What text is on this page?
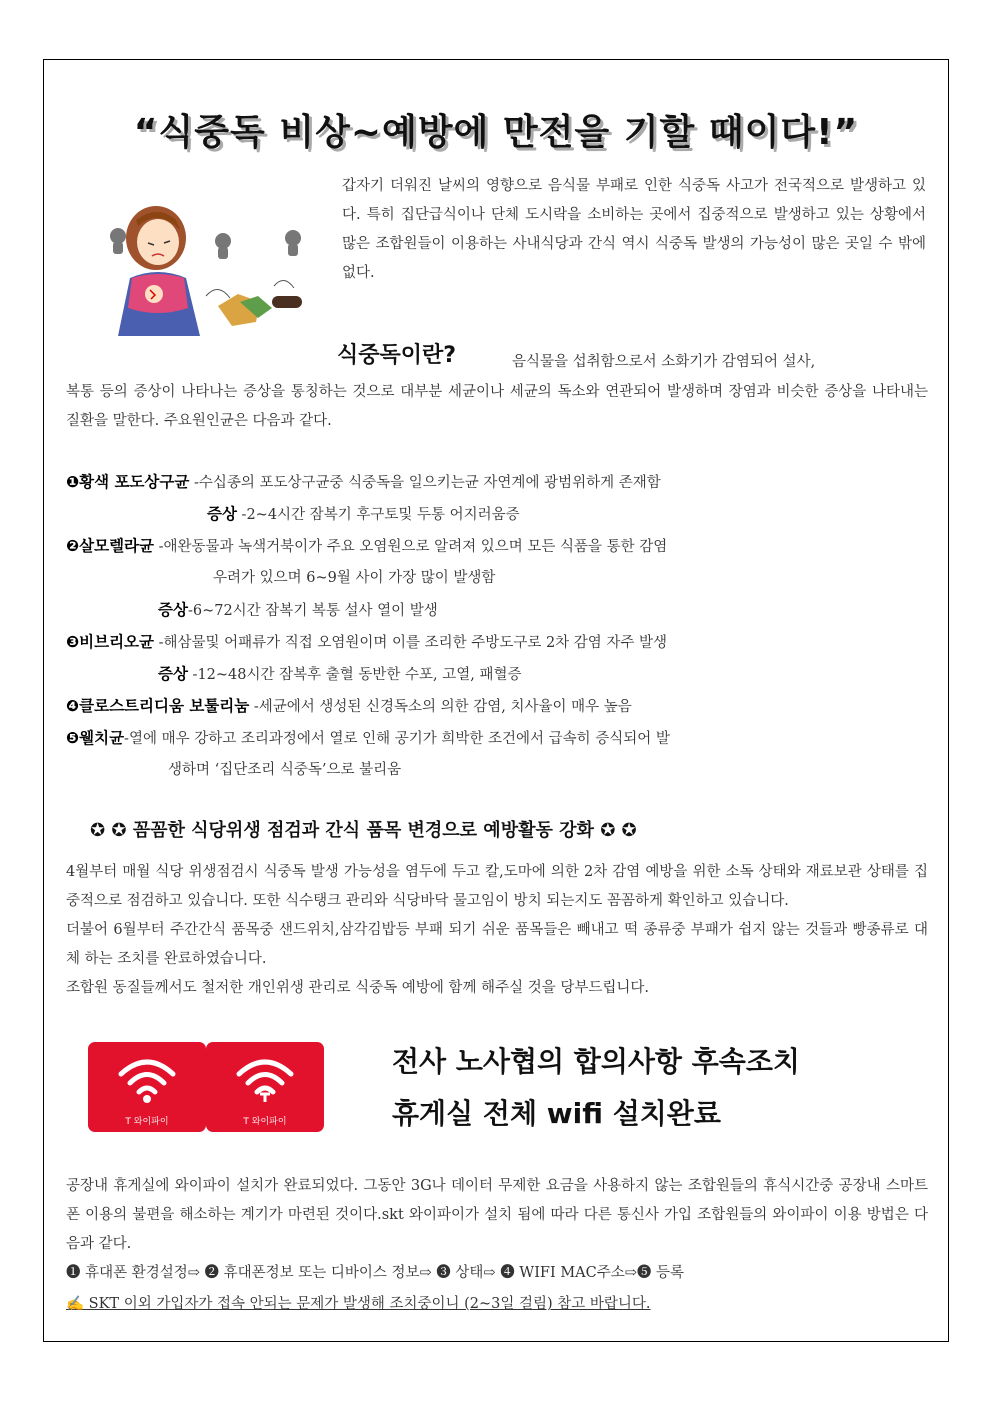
“식중독 비상~예방에 만전을 기할 때이다!”
갑자기 더워진 날씨의 영향으로 음식물 부패로 인한 식중독 사고가 전국적으로 발생하고 있다. 특히 집단급식이나 단체 도시락을 소비하는 곳에서 집중적으로 발생하고 있는 상황에서 많은 조합원들이 이용하는 사내식당과 간식 역시 식중독 발생의 가능성이 많은 곳일 수 밖에 없다.
식중독이란?	음식물을 섭취함으로서 소화기가 감염되어 설사,
복통 등의 증상이 나타나는 증상을 통칭하는 것으로 대부분 세균이나 세균의 독소와 연관되어 발생하며 장염과 비슷한 증상을 나타내는 질환을 말한다. 주요원인균은 다음과 같다.
❶황색 포도상구균 -수십종의 포도상구균중 식중독을 일으키는균 자연계에 광범위하게 존재함
증상 -2~4시간 잠복기 후구토및 두통 어지러움증
❷살모렐라균 -애완동물과 녹색거북이가 주요 오염원으로 알려져 있으며 모든 식품을 통한 감염
우려가 있으며 6~9월 사이 가장 많이 발생함
증상-6~72시간 잠복기 복통 설사 열이 발생
❸비브리오균 -해삼물및 어패류가 직접 오염원이며 이를 조리한 주방도구로 2차 감염 자주 발생
증상 -12~48시간 잠복후 출혈 동반한 수포, 고열, 패혈증
❹클로스트리디움 보툴리눔 -세균에서 생성된 신경독소의 의한 감염, 치사율이 매우 높음
❺웰치균-열에 매우 강하고 조리과정에서 열로 인해 공기가 희박한 조건에서 급속히 증식되어 발
생하며 ‘집단조리 식중독’으로 불리움
✪ ✪ 꼼꼼한 식당위생 점검과 간식 품목 변경으로 예방활동 강화 ✪ ✪
4월부터 매월 식당 위생점검시 식중독 발생 가능성을 염두에 두고 칼,도마에 의한 2차 감염 예방을 위한 소독 상태와 재료보관 상태를 집중적으로 점검하고 있습니다. 또한 식수탱크 관리와 식당바닥 물고임이 방치 되는지도 꼼꼼하게 확인하고 있습니다.
더불어 6월부터 주간간식 품목중 샌드위치,삼각김밥등 부패 되기 쉬운 품목들은 빼내고 떡 종류중 부패가 쉽지 않는 것들과 빵종류로 대체 하는 조치를 완료하였습니다.
조합원 동질들께서도 철저한 개인위생 관리로 식중독 예방에 함께 해주실 것을 당부드립니다.
T 와이파이	T 와이파이
전사 노사협의 합의사항 후속조치
휴게실 전체 wifi 설치완료
공장내 휴게실에 와이파이 설치가 완료되었다. 그동안 3G나 데이터 무제한 요금을 사용하지 않는 조합원들의 휴식시간중 공장내 스마트폰 이용의 불편을 해소하는 계기가 마련된 것이다.skt 와이파이가 설치 됨에 따라 다른 통신사 가입 조합원들의 와이파이 이용 방법은 다음과 같다.
❶ 휴대폰 환경설정⇨ ❷ 휴대폰정보 또는 디바이스 정보⇨ ❸ 상태⇨ ❹ WIFI MAC주소⇨❺ 등록
✍ SKT 이외 가입자가 접속 안되는 문제가 발생해 조치중이니 (2~3일 걸림) 참고 바랍니다.
